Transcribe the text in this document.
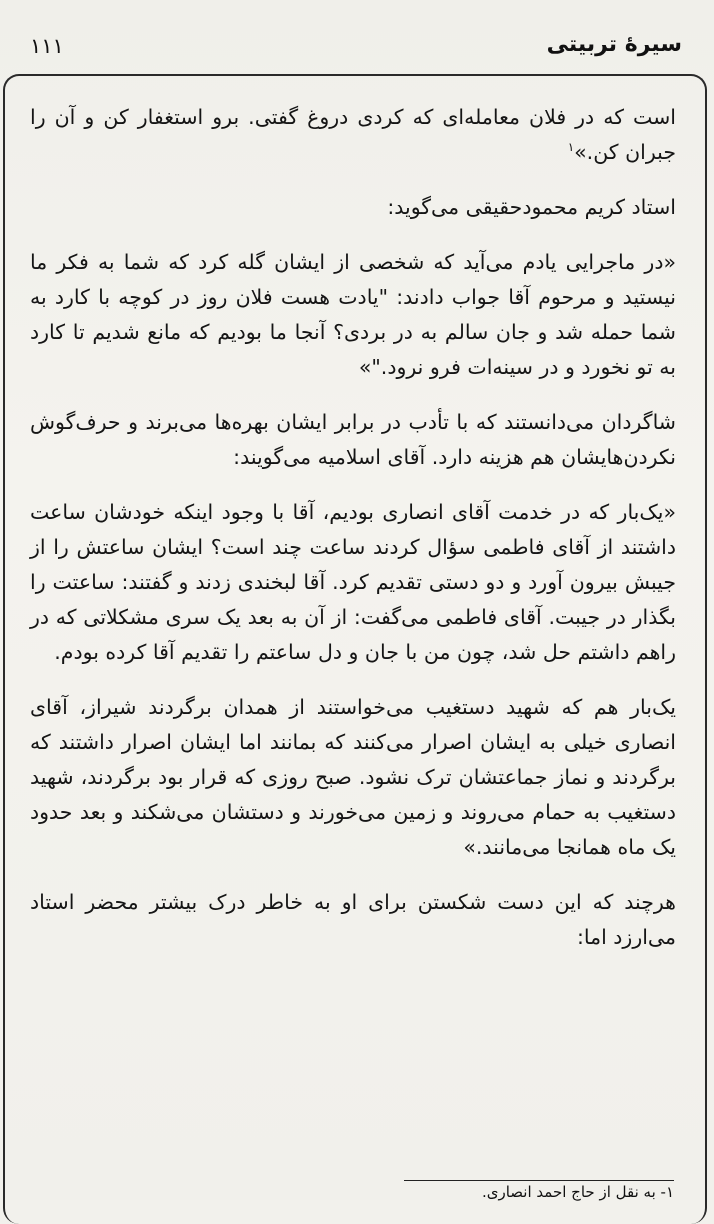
سیرهٔ تربیتی
۱۱۱

است که در فلان معامله‌ای که کردی دروغ گفتی. برو استغفار کن و آن را جبران کن.»$^۱$

استاد کریم محمودحقیقی می‌گوید:

«در ماجرایی یادم می‌آید که شخصی از ایشان گله کرد که شما به فکر ما نیستید و مرحوم آقا جواب دادند: "یادت هست فلان روز در کوچه با کارد به شما حمله شد و جان سالم به در بردی؟ آنجا ما بودیم که مانع شدیم تا کارد به تو نخورد و در سینه‌ات فرو نرود."»

شاگردان می‌دانستند که با تأدب در برابر ایشان بهره‌ها می‌برند و حرف‌گوش نکردن‌هایشان هم هزینه دارد. آقای اسلامیه می‌گویند:

«یک‌بار که در خدمت آقای انصاری بودیم، آقا با وجود اینکه خودشان ساعت داشتند از آقای فاطمی سؤال کردند ساعت چند است؟ ایشان ساعتش را از جیبش بیرون آورد و دو دستی تقدیم کرد. آقا لبخندی زدند و گفتند: ساعتت را بگذار در جیبت. آقای فاطمی می‌گفت: از آن به بعد یک سری مشکلاتی که در راهم داشتم حل شد، چون من با جان و دل ساعتم را تقدیم آقا کرده بودم.

یک‌بار هم که شهید دستغیب می‌خواستند از همدان برگردند شیراز، آقای انصاری خیلی به ایشان اصرار می‌کنند که بمانند اما ایشان اصرار داشتند که برگردند و نماز جماعتشان ترک نشود. صبح روزی که قرار بود برگردند، شهید دستغیب به حمام می‌روند و زمین می‌خورند و دستشان می‌شکند و بعد حدود یک ماه همانجا می‌مانند.»

هرچند که این دست شکستن برای او به خاطر درک بیشتر محضر استاد می‌ارزد اما:

۱- به نقل از حاج احمد انصاری.
